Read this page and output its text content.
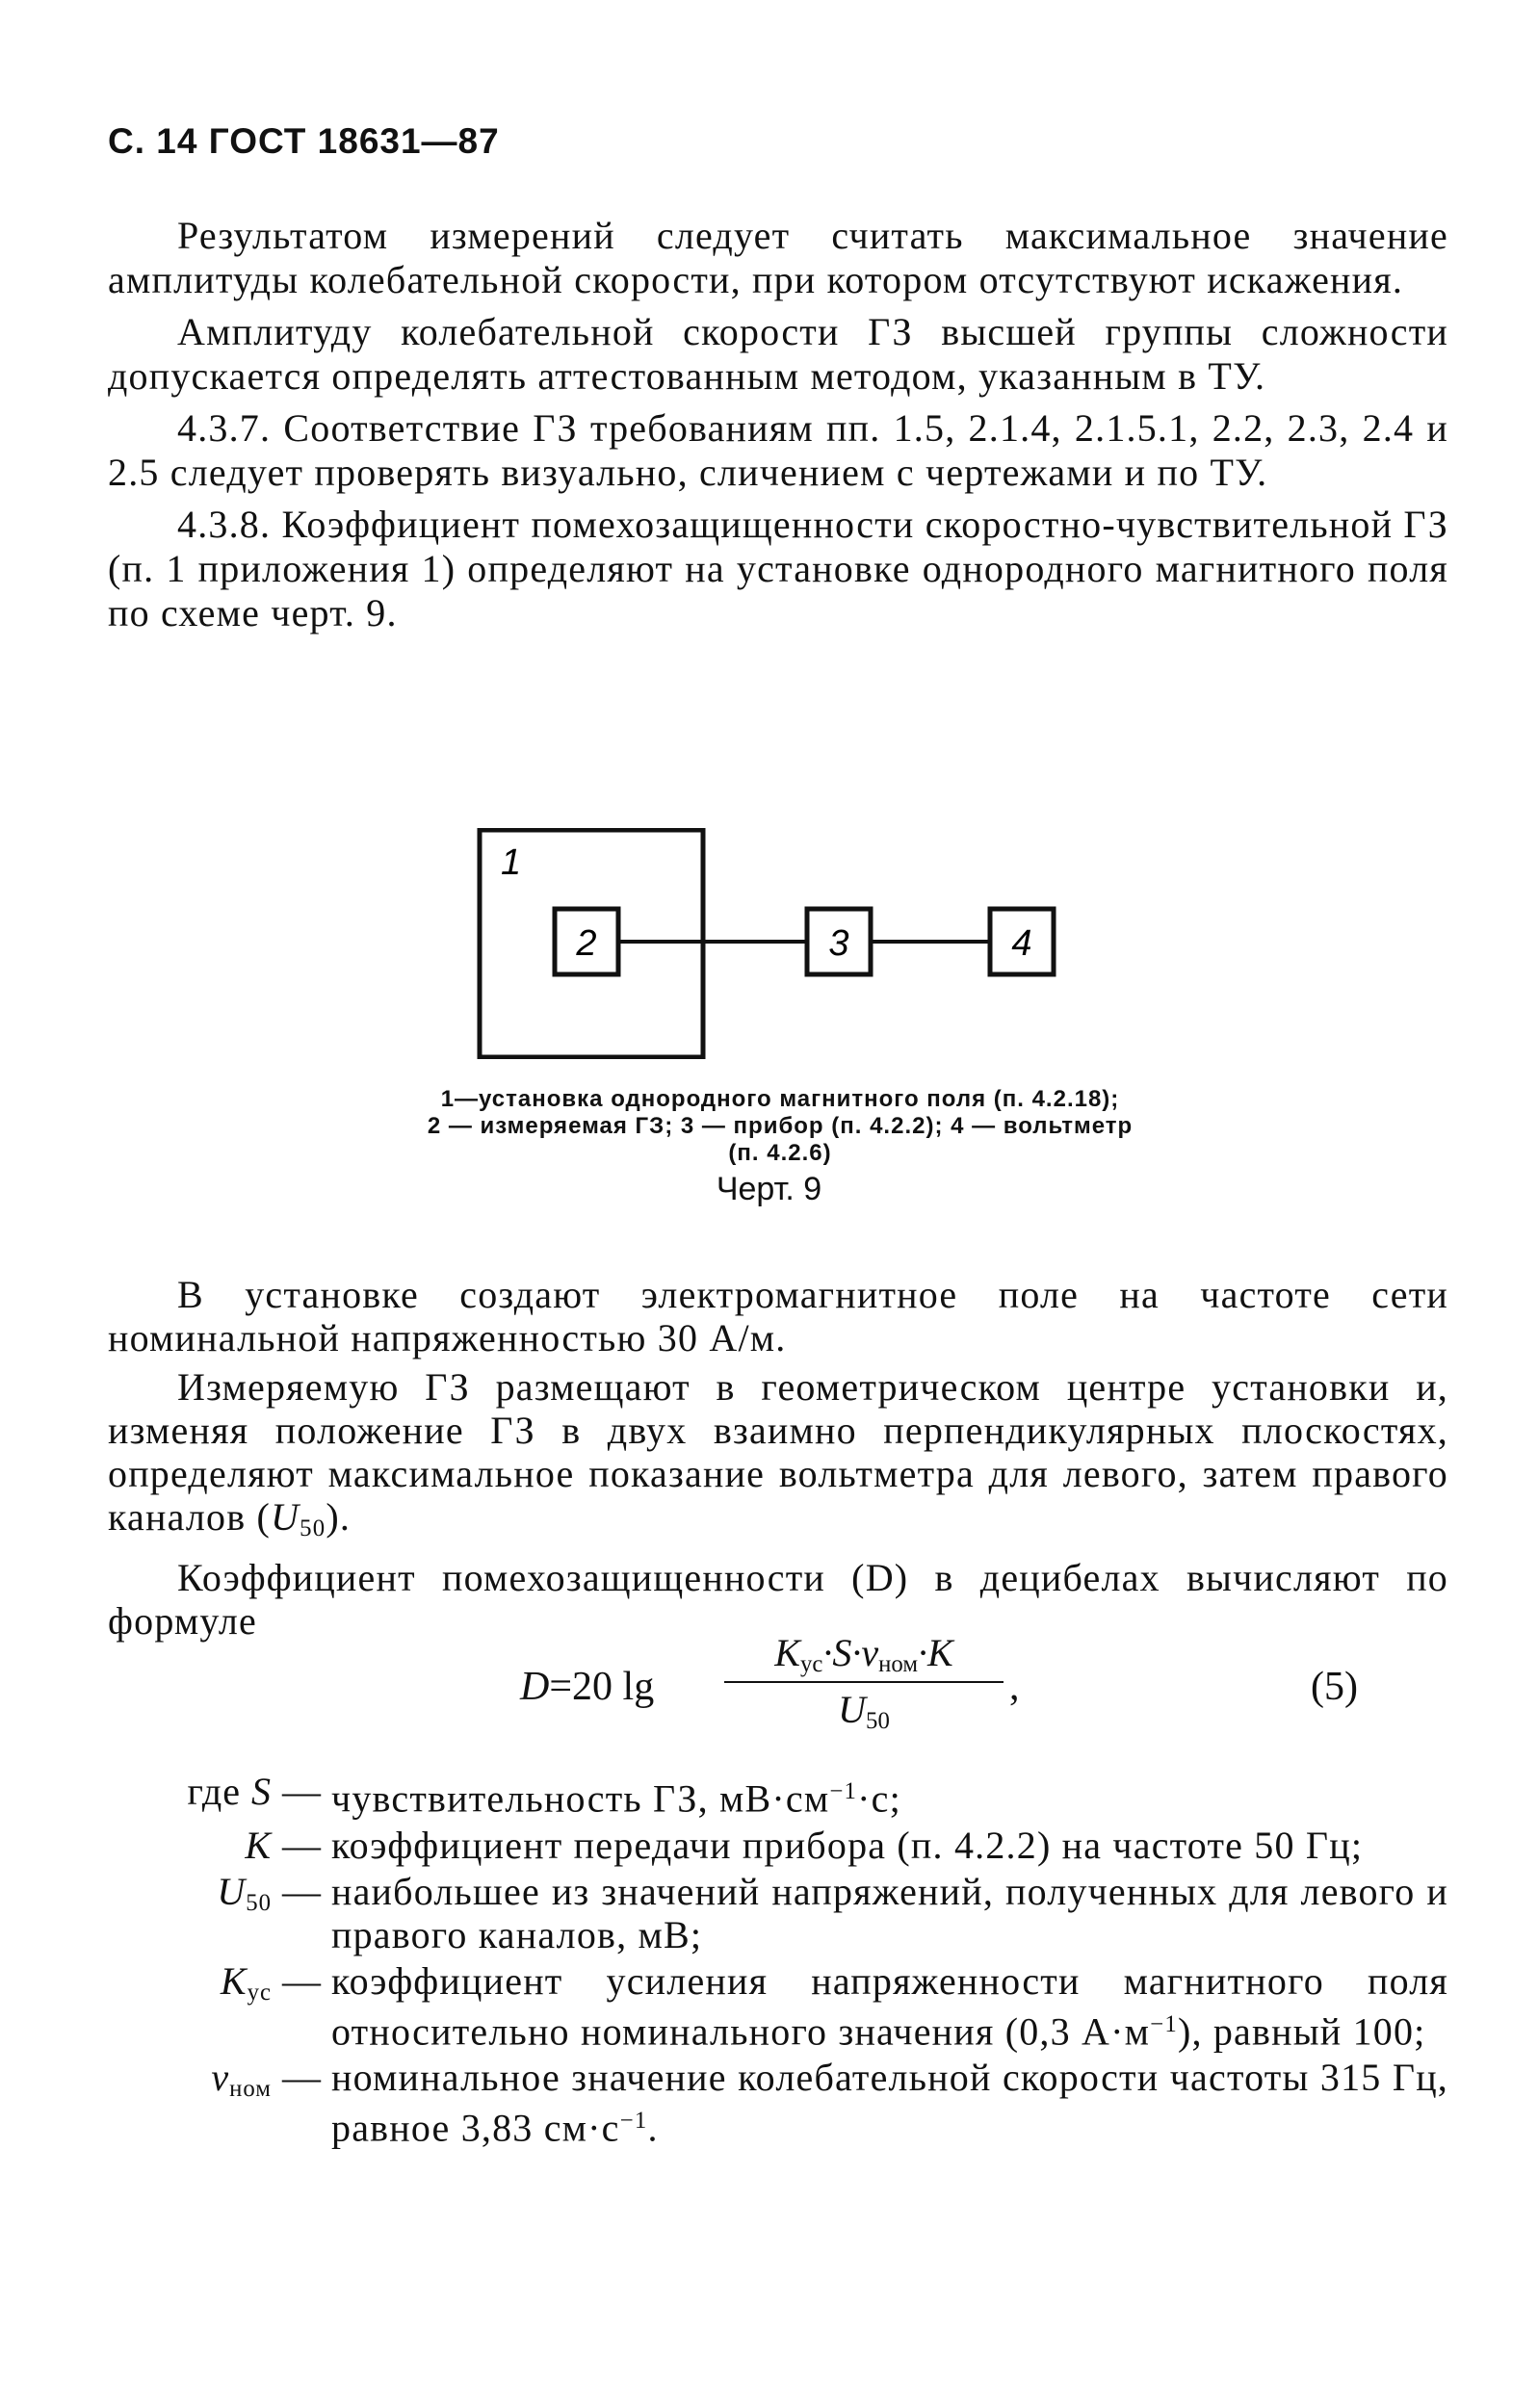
С. 14 ГОСТ 18631—87

Результатом измерений следует считать максимальное значение амплитуды колебательной скорости, при котором отсутствуют искажения.

Амплитуду колебательной скорости ГЗ высшей группы сложности допускается определять аттестованным методом, указанным в ТУ.

4.3.7. Соответствие ГЗ требованиям пп. 1.5, 2.1.4, 2.1.5.1, 2.2, 2.3, 2.4 и 2.5 следует проверять визуально, сличением с чертежами и по ТУ.

4.3.8. Коэффициент помехозащищенности скоростно-чувствительной ГЗ (п. 1 приложения 1) определяют на установке однородного магнитного поля по схеме черт. 9.

1
2	3	4
1—установка однородного магнитного поля (п. 4.2.18);
2 — измеряемая ГЗ; 3 — прибор (п. 4.2.2); 4 — вольтметр
(п. 4.2.6)
Черт. 9

В установке создают электромагнитное поле на частоте сети номинальной напряженностью 30 А/м.

Измеряемую ГЗ размещают в геометрическом центре установки и, изменяя положение ГЗ в двух взаимно перпендикулярных плоскостях, определяют максимальное показание вольтметра для левого, затем правого каналов $(U_{50})$.

Коэффициент помехозащищенности (D) в децибелах вычисляют по формуле

D=20 lg
$K_{ус}\cdot S\cdot v_{ном}\cdot K$
$U_{50}$
,	(5)
где S — чувствительность ГЗ, $мВ\cdot см^{-1}\cdot с$;
K — коэффициент передачи прибора (п. 4.2.2) на частоте 50 Гц;
$U_{50}$ — наибольшее из значений напряжений, полученных для левого и правого каналов, мВ;
$K_{ус}$ — коэффициент усиления напряженности магнитного поля относительно номинального значения (0,3 $А\cdot м^{-1}$), равный 100;
$v_{ном}$ — номинальное значение колебательной скорости частоты 315 Гц, равное 3,83 $см\cdot с^{-1}$.
